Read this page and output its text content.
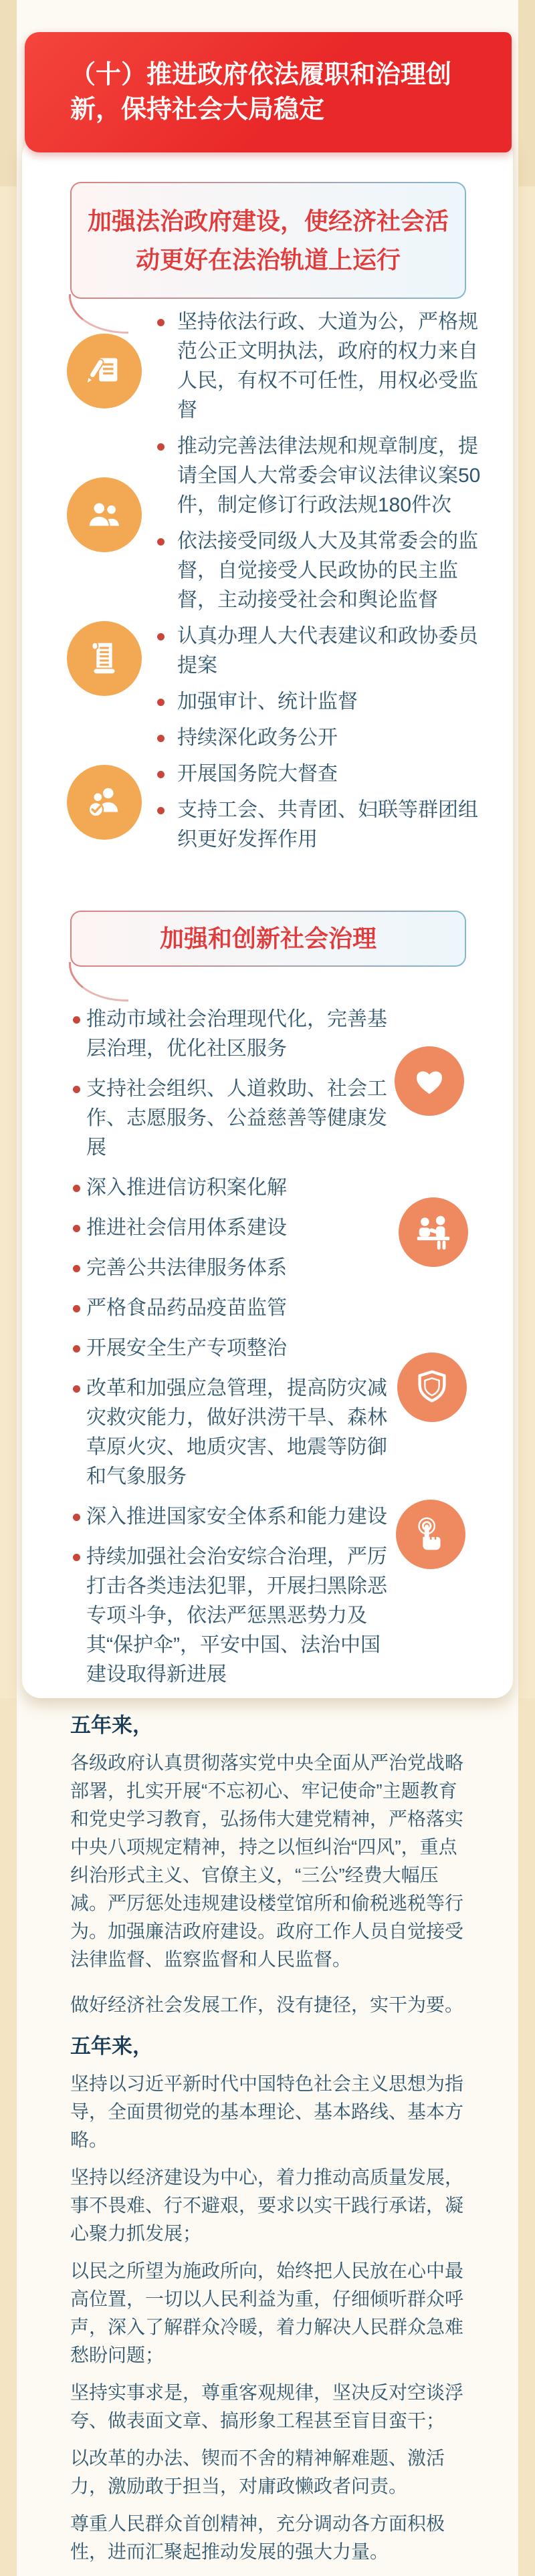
加强法治政府建设，使经济社会活动更好在法治轨道上运行

坚持依法行政、大道为公，严格规范公正文明执法，政府的权力来自人民，有权不可任性，用权必受监督
推动完善法律法规和规章制度，提请全国人大常委会审议法律议案50件，制定修订行政法规180件次
依法接受同级人大及其常委会的监督，自觉接受人民政协的民主监督，主动接受社会和舆论监督
认真办理人大代表建议和政协委员提案
加强审计、统计监督
持续深化政务公开
开展国务院大督查
支持工会、共青团、妇联等群团组织更好发挥作用

加强和创新社会治理

推动市域社会治理现代化，完善基层治理，优化社区服务
支持社会组织、人道救助、社会工作、志愿服务、公益慈善等健康发展
深入推进信访积案化解
推进社会信用体系建设
完善公共法律服务体系
严格食品药品疫苗监管
开展安全生产专项整治
改革和加强应急管理，提高防灾减灾救灾能力，做好洪涝干旱、森林草原火灾、地质灾害、地震等防御和气象服务
深入推进国家安全体系和能力建设
持续加强社会治安综合治理，严厉打击各类违法犯罪，开展扫黑除恶专项斗争，依法严惩黑恶势力及其“保护伞”，平安中国、法治中国建设取得新进展
（十）推进政府依法履职和治理创新，保持社会大局稳定

五年来，

各级政府认真贯彻落实党中央全面从严治党战略部署，扎实开展“不忘初心、牢记使命”主题教育和党史学习教育，弘扬伟大建党精神，严格落实中央八项规定精神，持之以恒纠治“四风”，重点纠治形式主义、官僚主义，“三公”经费大幅压减。严厉惩处违规建设楼堂馆所和偷税逃税等行为。加强廉洁政府建设。政府工作人员自觉接受法律监督、监察监督和人民监督。

做好经济社会发展工作，没有捷径，实干为要。

五年来，

坚持以习近平新时代中国特色社会主义思想为指导，全面贯彻党的基本理论、基本路线、基本方略。

坚持以经济建设为中心，着力推动高质量发展，事不畏难、行不避艰，要求以实干践行承诺，凝心聚力抓发展；

以民之所望为施政所向，始终把人民放在心中最高位置，一切以人民利益为重，仔细倾听群众呼声，深入了解群众冷暖，着力解决人民群众急难愁盼问题；

坚持实事求是，尊重客观规律，坚决反对空谈浮夸、做表面文章、搞形象工程甚至盲目蛮干；

以改革的办法、锲而不舍的精神解难题、激活力，激励敢于担当，对庸政懒政者问责。

尊重人民群众首创精神，充分调动各方面积极性，进而汇聚起推动发展的强大力量。
